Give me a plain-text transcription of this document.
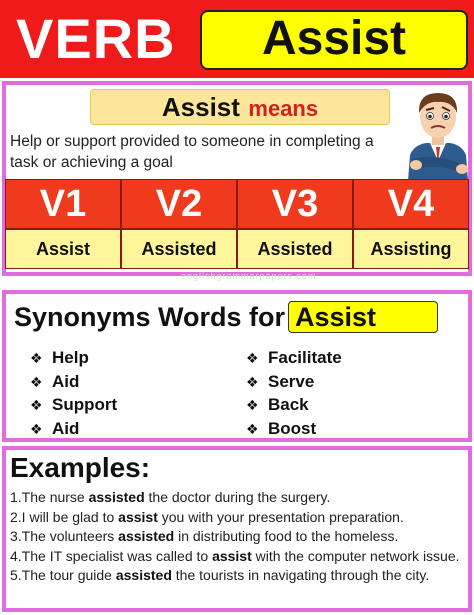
VERB	Assist
Assist means
Help or support provided to someone in completing a task or achieving a goal
V1	V2	V3	V4
Assist	Assisted	Assisted	Assisting
englishgrammarpapers.com
Synonyms Words for Assist
❖ Help
❖ Aid
❖ Support
❖ Aid
❖ Facilitate
❖ Serve
❖ Back
❖ Boost
Examples:
1.The nurse assisted the doctor during the surgery.
2.I will be glad to assist you with your presentation preparation.
3.The volunteers assisted in distributing food to the homeless.
4.The IT specialist was called to assist with the computer network issue.
5.The tour guide assisted the tourists in navigating through the city.
